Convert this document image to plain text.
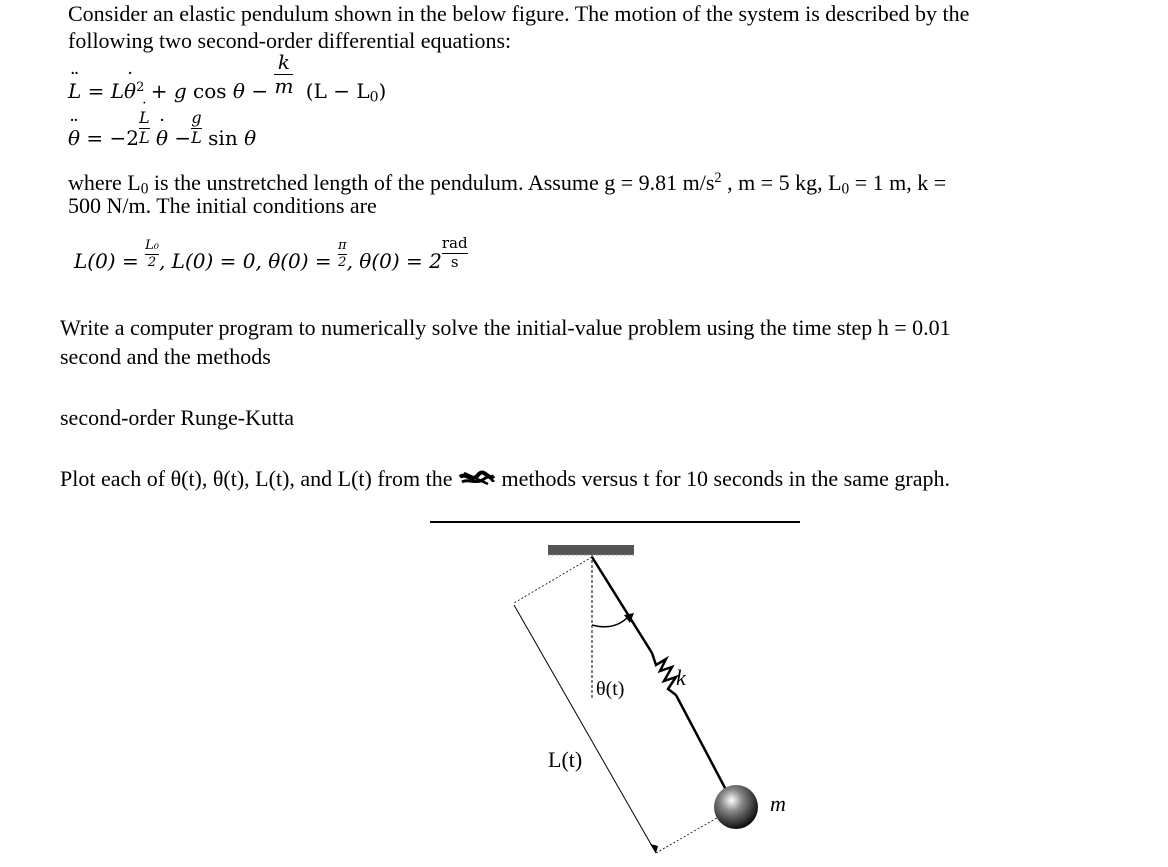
Consider an elastic pendulum shown in the below figure. The motion of the system is described by the
following two second-order differential equations:
L ¨ = Lθ $˙_2 + g$ $\cos \theta - \frac{k}{m} (L - L_0)$
θ ¨ = $-2 \frac{L ˙}{L}$ θ ˙ − $\frac{g}{L}$ sin θ
where $L_0$ is the unstretched length of the pendulum. Assume g = 9.81 $m/s^2$ , m = 5 kg, $L_0 = 1$ m, k =
500 N/m. The initial conditions are
$L(0) = \frac{\text{L₀}}{2}$ , L(0) = 0, $\theta(0) = \frac{\pi}{2}$ , $\theta(0) = 2 \frac{\text{rad}}{s}$
Write a computer program to numerically solve the initial-value problem using the time step h = 0.01
second and the methods
second-order Runge-Kutta
Plot each of θ(t), θ(t), L(t), and L(t) from the methods versus t for 10 seconds in the same graph.
θ(t) k
L(t)
m
